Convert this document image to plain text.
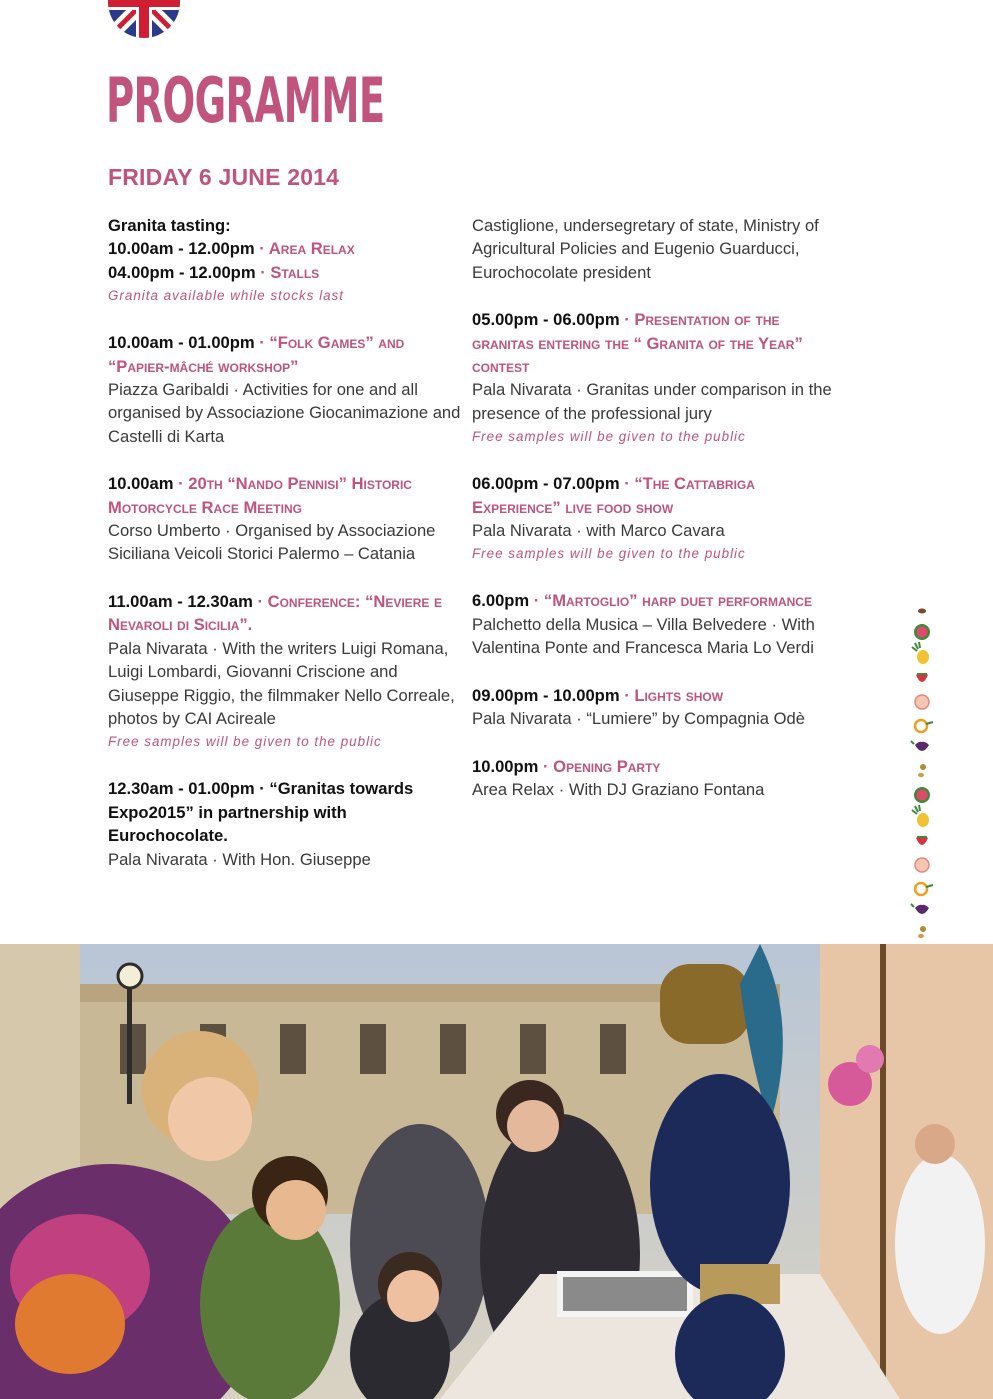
PROGRAMME
FRIDAY 6 JUNE 2014
Granita tasting:
10.00am - 12.00pm · Area Relax
04.00pm - 12.00pm · Stalls
Granita available while stocks last
10.00am - 01.00pm · “Folk Games” and “Papier-mâché workshop”
Piazza Garibaldi · Activities for one and all organised by Associazione Giocanimazione and Castelli di Karta
10.00am · 20th “Nando Pennisi” Historic Motorcycle Race Meeting
Corso Umberto · Organised by Associazione Siciliana Veicoli Storici Palermo – Catania
11.00am - 12.30am · Conference: “Neviere e Nevaroli di Sicilia”.
Pala Nivarata · With the writers Luigi Romana, Luigi Lombardi, Giovanni Criscione and Giuseppe Riggio, the filmmaker Nello Correale, photos by CAI Acireale
Free samples will be given to the public
12.30am - 01.00pm · “Granitas towards Expo2015” in partnership with Eurochocolate.
Pala Nivarata · With Hon. Giuseppe
Castiglione, undersegretary of state, Ministry of Agricultural Policies and Eugenio Guarducci, Eurochocolate president
05.00pm - 06.00pm · Presentation of the granitas entering the “ Granita of the Year” contest
Pala Nivarata · Granitas under comparison in the presence of the professional jury
Free samples will be given to the public
06.00pm - 07.00pm · “The Cattabriga Experience” live food show
Pala Nivarata · with Marco Cavara
Free samples will be given to the public
6.00pm · “Martoglio” harp duet performance
Palchetto della Musica – Villa Belvedere · With Valentina Ponte and Francesca Maria Lo Verdi
09.00pm - 10.00pm · Lights show
Pala Nivarata · “Lumiere” by Compagnia Odè
10.00pm · Opening Party
Area Relax · With DJ Graziano Fontana
